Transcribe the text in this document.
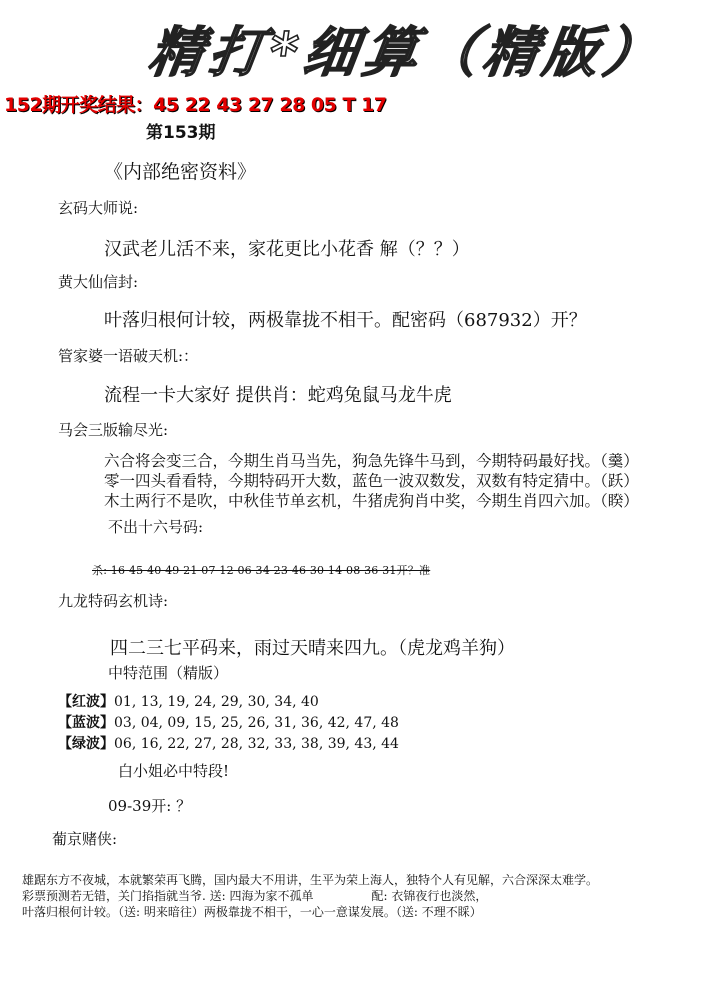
精打*细算（精版）
152期开奖结果：45 22 43 27 28 05 T 17
第153期
《内部绝密资料》
玄码大师说:
汉武老儿活不来，家花更比小花香 解（？？）
黄大仙信封:
叶落归根何计较，两极靠拢不相干。配密码（687932）开？
管家婆一语破天机:：
流程一卡大家好 提供肖：蛇鸡兔鼠马龙牛虎
马会三版输尽光:
六合将会变三合，今期生肖马当先，狗急先锋牛马到，今期特码最好找。（羹）
零一四头看看特，今期特码开大数，蓝色一波双数发，双数有特定猜中。（跃）
木土两行不是吹，中秋佳节单玄机，牛猪虎狗肖中奖，今期生肖四六加。（睽）
不出十六号码:
杀: 16 45 40 49 21 07 12 06 34 23 46 30 14 08 36 31开？准
九龙特码玄机诗:
四二三七平码来，雨过天晴来四九。（虎龙鸡羊狗）
中特范围（精版）
【红波】01, 13, 19, 24, 29, 30, 34, 40
【蓝波】03, 04, 09, 15, 25, 26, 31, 36, 42, 47, 48
【绿波】06, 16, 22, 27, 28, 32, 33, 38, 39, 43, 44
白小姐必中特段!
09-39开: ？
葡京赌侠:
雄踞东方不夜城，本就繁荣再飞腾，国内最大不用讲，生平为荣上海人，独特个人有见解，六合深深太难学。
彩票预测若无错，关门掐指就当爷. 送: 四海为家不孤单	配: 衣锦夜行也淡然，
叶落归根何计较。（送: 明来暗往）两极靠拢不相干，一心一意谋发展。（送: 不理不睬）
